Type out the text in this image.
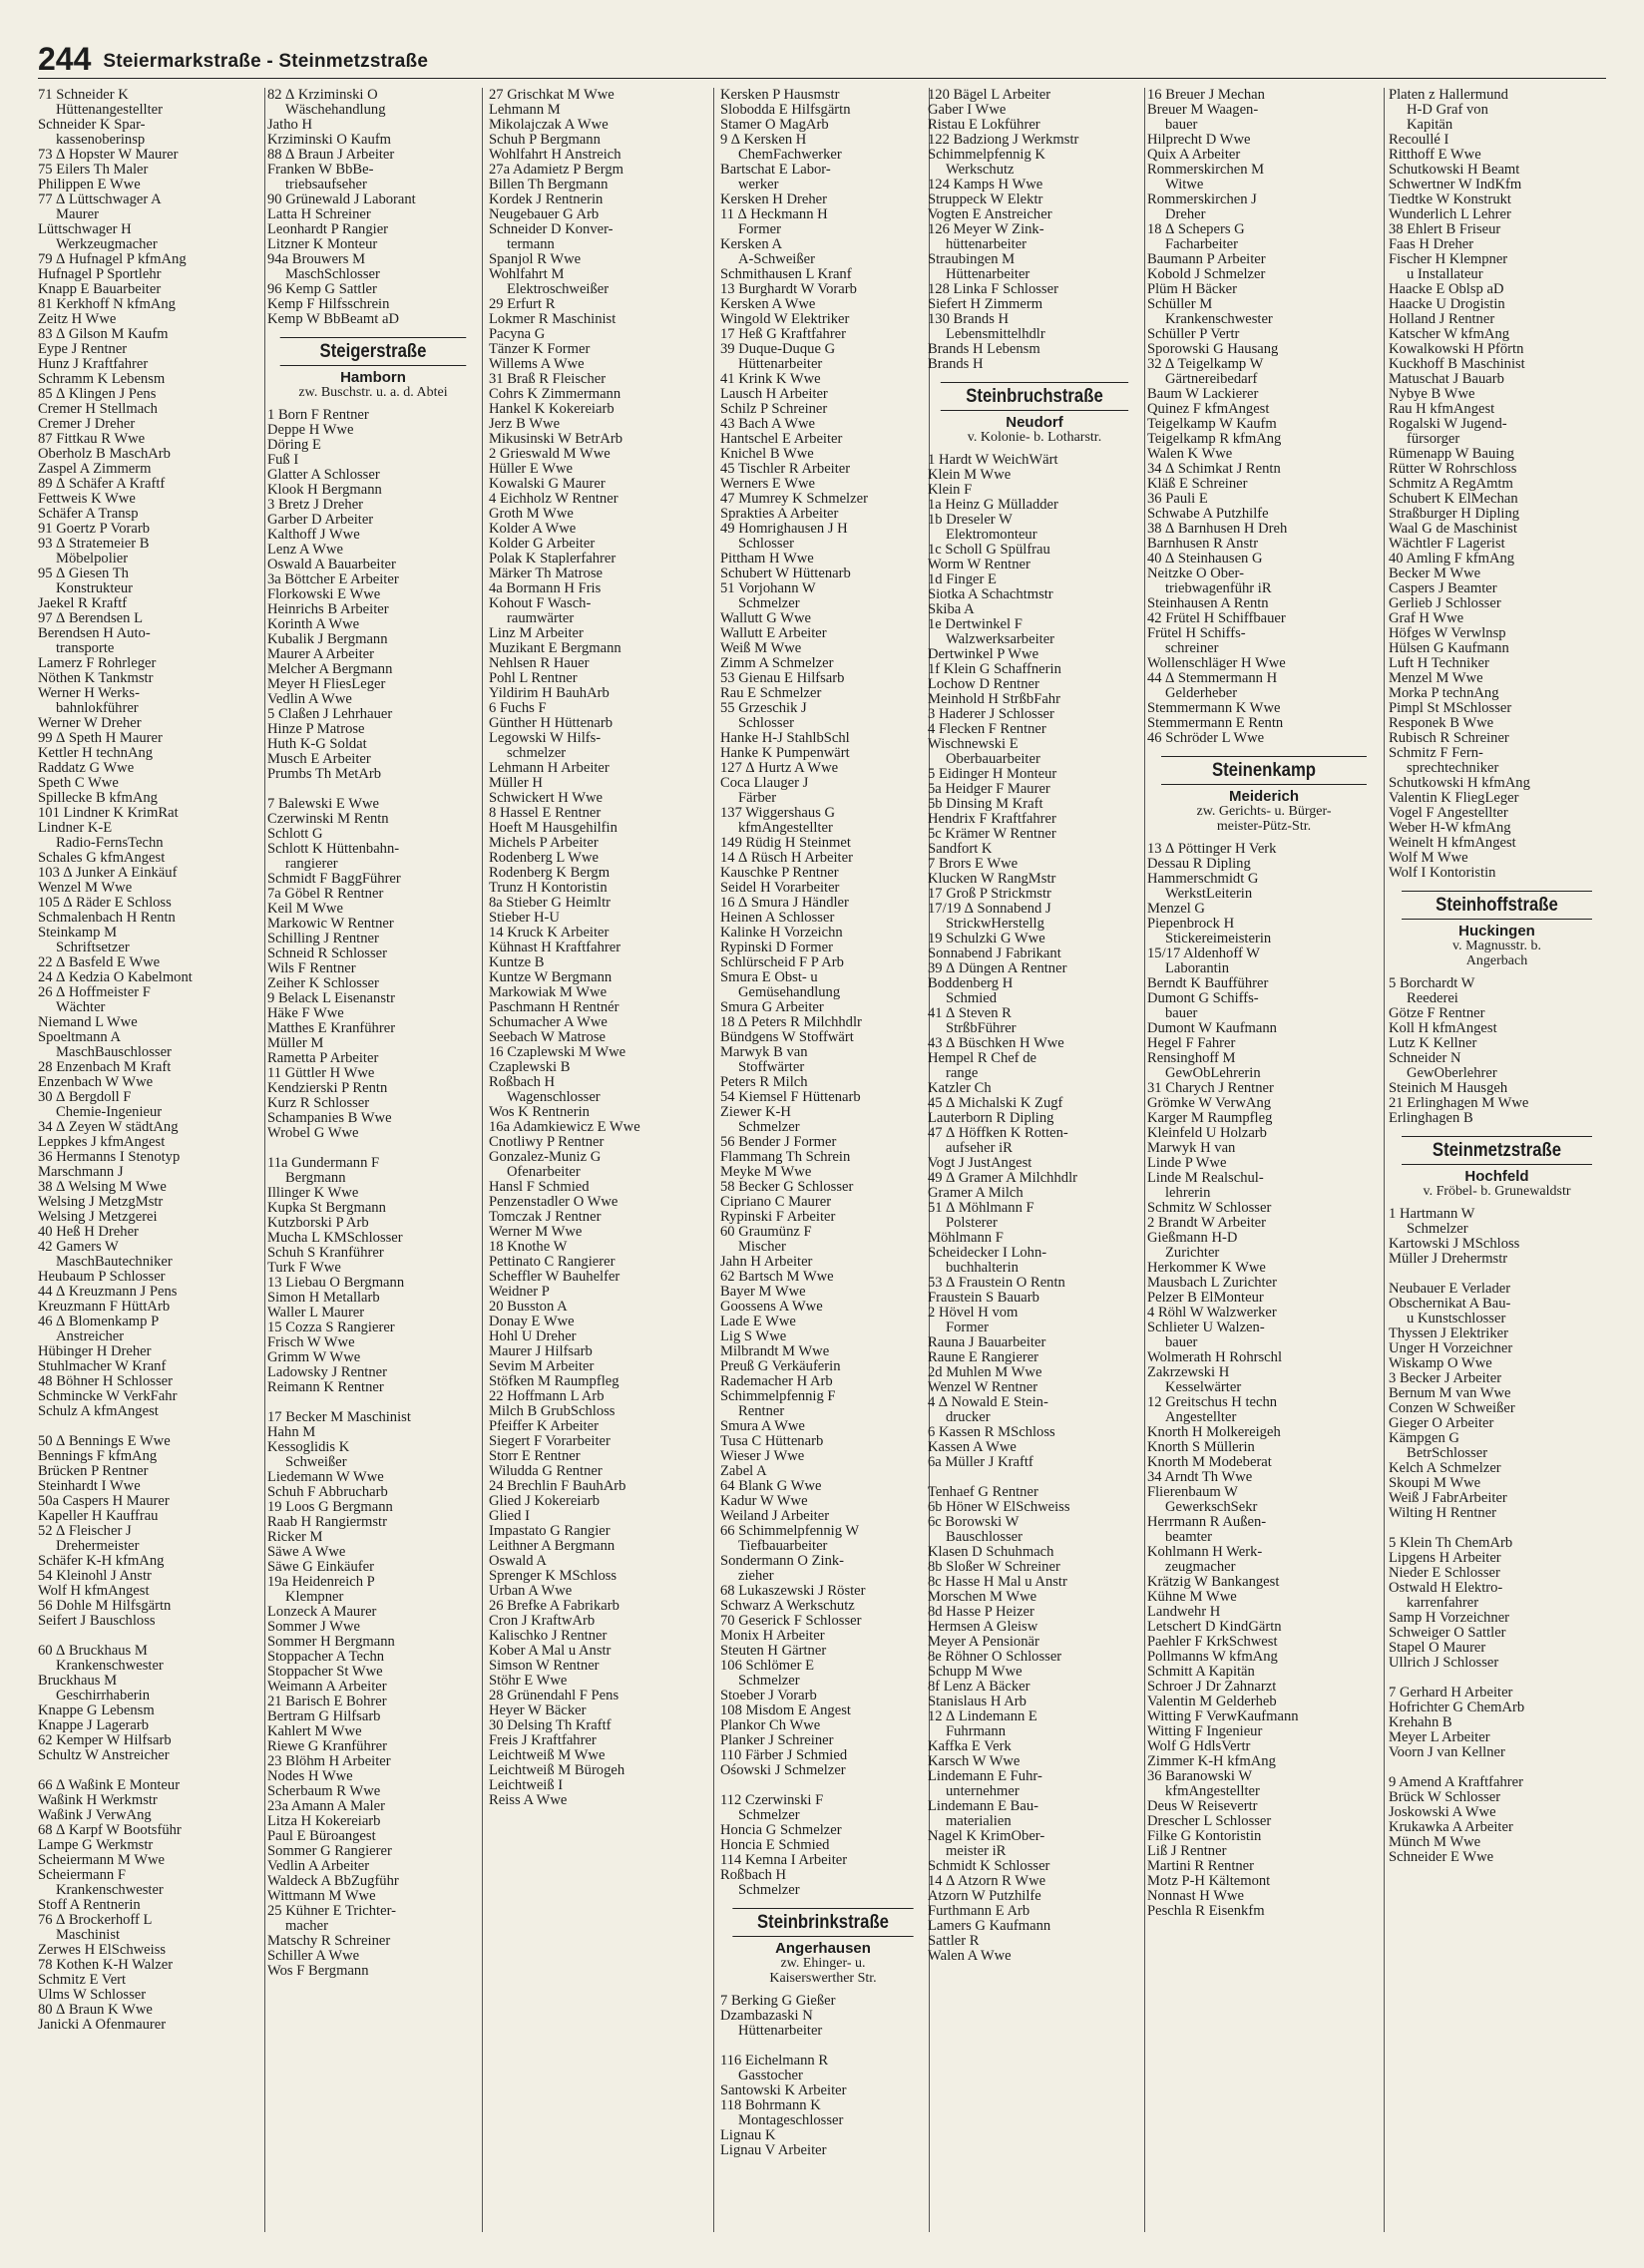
244 Steiermarkstraße - Steinmetzstraße
71 Schneider K
Hüttenangestellter
Schneider K Spar-
kassenoberinsp
73 ∆ Hopster W Maurer
75 Eilers Th Maler
Philippen E Wwe
77 ∆ Lüttschwager A
Maurer
Lüttschwager H
Werkzeugmacher
79 ∆ Hufnagel P kfmAng
Hufnagel P Sportlehr
Knapp E Bauarbeiter
81 Kerkhoff N kfmAng
Zeitz H Wwe
83 ∆ Gilson M Kaufm
Eype J Rentner
Hunz J Kraftfahrer
Schramm K Lebensm
85 ∆ Klingen J Pens
Cremer H Stellmach
Cremer J Dreher
87 Fittkau R Wwe
Oberholz B MaschArb
Zaspel A Zimmerm
89 ∆ Schäfer A Kraftf
Fettweis K Wwe
Schäfer A Transp
91 Goertz P Vorarb
93 ∆ Stratemeier B
Möbelpolier
95 ∆ Giesen Th
Konstrukteur
Jaekel R Kraftf
97 ∆ Berendsen L
Berendsen H Auto-
transporte
Lamerz F Rohrleger
Nöthen K Tankmstr
Werner H Werks-
bahnlokführer
Werner W Dreher
99 ∆ Speth H Maurer
Kettler H technAng
Raddatz G Wwe
Speth C Wwe
Spillecke B kfmAng
101 Lindner K KrimRat
Lindner K-E
Radio-FernsTechn
Schales G kfmAngest
103 ∆ Junker A Einkäuf
Wenzel M Wwe
105 ∆ Räder E Schloss
Schmalenbach H Rentn
Steinkamp M
Schriftsetzer
22 ∆ Basfeld E Wwe
24 ∆ Kedzia O Kabelmont
26 ∆ Hoffmeister F
Wächter
Niemand L Wwe
Spoeltmann A
MaschBauschlosser
28 Enzenbach M Kraft
Enzenbach W Wwe
30 ∆ Bergdoll F
Chemie-Ingenieur
34 ∆ Zeyen W städtAng
Leppkes J kfmAngest
36 Hermanns I Stenotyp
Marschmann J
38 ∆ Welsing M Wwe
Welsing J MetzgMstr
Welsing J Metzgerei
40 Heß H Dreher
42 Gamers W
MaschBautechniker
Heubaum P Schlosser
44 ∆ Kreuzmann J Pens
Kreuzmann F HüttArb
46 ∆ Blomenkamp P
Anstreicher
Hübinger H Dreher
Stuhlmacher W Kranf
48 Böhner H Schlosser
Schmincke W VerkFahr
Schulz A kfmAngest
50 ∆ Bennings E Wwe
Bennings F kfmAng
Brücken P Rentner
Steinhardt I Wwe
50a Caspers H Maurer
Kapeller H Kauffrau
52 ∆ Fleischer J
Drehermeister
Schäfer K-H kfmAng
54 Kleinohl J Anstr
Wolf H kfmAngest
56 Dohle M Hilfsgärtn
Seifert J Bauschloss
60 ∆ Bruckhaus M
Krankenschwester
Bruckhaus M
Geschirrhaberin
Knappe G Lebensm
Knappe J Lagerarb
62 Kemper W Hilfsarb
Schultz W Anstreicher
66 ∆ Waßink E Monteur
Waßink H Werkmstr
Waßink J VerwAng
68 ∆ Karpf W Bootsführ
Lampe G Werkmstr
Scheiermann M Wwe
Scheiermann F
Krankenschwester
Stoff A Rentnerin
76 ∆ Brockerhoff L
Maschinist
Zerwes H ElSchweiss
78 Kothen K-H Walzer
Schmitz E Vert
Ulms W Schlosser
80 ∆ Braun K Wwe
Janicki A Ofenmaurer
82 ∆ Krziminski O
Wäschehandlung
Jatho H
Krziminski O Kaufm
88 ∆ Braun J Arbeiter
Franken W BbBe-
triebsaufseher
90 Grünewald J Laborant
Latta H Schreiner
Leonhardt P Rangier
Litzner K Monteur
94a Brouwers M
MaschSchlosser
96 Kemp G Sattler
Kemp F Hilfsschrein
Kemp W BbBeamt aD
Steigerstraße
Hamborn
zw. Buschstr. u. a. d. Abtei
1 Born F Rentner
Deppe H Wwe
Döring E
Fuß I
Glatter A Schlosser
Klook H Bergmann
3 Bretz J Dreher
Garber D Arbeiter
Kalthoff J Wwe
Lenz A Wwe
Oswald A Bauarbeiter
3a Böttcher E Arbeiter
Florkowski E Wwe
Heinrichs B Arbeiter
Korinth A Wwe
Kubalik J Bergmann
Maurer A Arbeiter
Melcher A Bergmann
Meyer H FliesLeger
Vedlin A Wwe
5 Claßen J Lehrhauer
Hinze P Matrose
Huth K-G Soldat
Musch E Arbeiter
Prumbs Th MetArb
7 Balewski E Wwe
Czerwinski M Rentn
Schlott G
Schlott K Hüttenbahn-
rangierer
Schmidt F BaggFührer
7a Göbel R Rentner
Keil M Wwe
Markowic W Rentner
Schilling J Rentner
Schneid R Schlosser
Wils F Rentner
Zeiher K Schlosser
9 Belack L Eisenanstr
Häke F Wwe
Matthes E Kranführer
Müller M
Rametta P Arbeiter
11 Güttler H Wwe
Kendzierski P Rentn
Kurz R Schlosser
Schampanies B Wwe
Wrobel G Wwe
11a Gundermann F
Bergmann
Illinger K Wwe
Kupka St Bergmann
Kutzborski P Arb
Mucha L KMSchlosser
Schuh S Kranführer
Turk F Wwe
13 Liebau O Bergmann
Simon H Metallarb
Waller L Maurer
15 Cozza S Rangierer
Frisch W Wwe
Grimm W Wwe
Ladowsky J Rentner
Reimann K Rentner
17 Becker M Maschinist
Hahn M
Kessoglidis K
Schweißer
Liedemann W Wwe
Schuh F Abbrucharb
19 Loos G Bergmann
Raab H Rangiermstr
Ricker M
Säwe A Wwe
Säwe G Einkäufer
19a Heidenreich P
Klempner
Lonzeck A Maurer
Sommer J Wwe
Sommer H Bergmann
Stoppacher A Techn
Stoppacher St Wwe
Weimann A Arbeiter
21 Barisch E Bohrer
Bertram G Hilfsarb
Kahlert M Wwe
Riewe G Kranführer
23 Blöhm H Arbeiter
Nodes H Wwe
Scherbaum R Wwe
23a Amann A Maler
Litza H Kokereiarb
Paul E Büroangest
Sommer G Rangierer
Vedlin A Arbeiter
Waldeck A BbZugführ
Wittmann M Wwe
25 Kühner E Trichter-
macher
Matschy R Schreiner
Schiller A Wwe
Wos F Bergmann
27 Grischkat M Wwe
Lehmann M
Mikolajczak A Wwe
Schuh P Bergmann
Wohlfahrt H Anstreich
27a Adamietz P Bergm
Billen Th Bergmann
Kordek J Rentnerin
Neugebauer G Arb
Schneider D Konver-
termann
Spanjol R Wwe
Wohlfahrt M
Elektroschweißer
29 Erfurt R
Lokmer R Maschinist
Pacyna G
Tänzer K Former
Willems A Wwe
31 Braß R Fleischer
Cohrs K Zimmermann
Hankel K Kokereiarb
Jerz B Wwe
Mikusinski W BetrArb
2 Grieswald M Wwe
Hüller E Wwe
Kowalski G Maurer
4 Eichholz W Rentner
Groth M Wwe
Kolder A Wwe
Kolder G Arbeiter
Polak K Staplerfahrer
Märker Th Matrose
4a Bormann H Fris
Kohout F Wasch-
raumwärter
Linz M Arbeiter
Muzikant E Bergmann
Nehlsen R Hauer
Pohl L Rentner
Yildirim H BauhArb
6 Fuchs F
Günther H Hüttenarb
Legowski W Hilfs-
schmelzer
Lehmann H Arbeiter
Müller H
Schwickert H Wwe
8 Hassel E Rentner
Hoeft M Hausgehilfin
Michels P Arbeiter
Rodenberg L Wwe
Rodenberg K Bergm
Trunz H Kontoristin
8a Stieber G Heimltr
Stieber H-U
14 Kruck K Arbeiter
Kühnast H Kraftfahrer
Kuntze B
Kuntze W Bergmann
Markowiak M Wwe
Paschmann H Rentnér
Schumacher A Wwe
Seebach W Matrose
16 Czaplewski M Wwe
Czaplewski B
Roßbach H
Wagenschlosser
Wos K Rentnerin
16a Adamkiewicz E Wwe
Cnotliwy P Rentner
Gonzalez-Muniz G
Ofenarbeiter
Hansl F Schmied
Penzenstadler O Wwe
Tomczak J Rentner
Werner M Wwe
18 Knothe W
Pettinato C Rangierer
Scheffler W Bauhelfer
Weidner P
20 Busston A
Donay E Wwe
Hohl U Dreher
Maurer J Hilfsarb
Sevim M Arbeiter
Stöfken M Raumpfleg
22 Hoffmann L Arb
Milch B GrubSchloss
Pfeiffer K Arbeiter
Siegert F Vorarbeiter
Storr E Rentner
Wiludda G Rentner
24 Brechlin F BauhArb
Glied J Kokereiarb
Glied I
Impastato G Rangier
Leithner A Bergmann
Oswald A
Sprenger K MSchloss
Urban A Wwe
26 Brefke A Fabrikarb
Cron J KraftwArb
Kalischko J Rentner
Kober A Mal u Anstr
Simson W Rentner
Stöhr E Wwe
28 Grünendahl F Pens
Heyer W Bäcker
30 Delsing Th Kraftf
Freis J Kraftfahrer
Leichtweiß M Wwe
Leichtweiß M Bürogeh
Leichtweiß I
Reiss A Wwe
Kersken P Hausmstr
Slobodda E Hilfsgärtn
Stamer O MagArb
9 ∆ Kersken H
ChemFachwerker
Bartschat E Labor-
werker
Kersken H Dreher
11 ∆ Heckmann H
Former
Kersken A
A-Schweißer
Schmithausen L Kranf
13 Burghardt W Vorarb
Kersken A Wwe
Wingold W Elektriker
17 Heß G Kraftfahrer
39 Duque-Duque G
Hüttenarbeiter
41 Krink K Wwe
Lausch H Arbeiter
Schilz P Schreiner
43 Bach A Wwe
Hantschel E Arbeiter
Knichel B Wwe
45 Tischler R Arbeiter
Werners E Wwe
47 Mumrey K Schmelzer
Sprakties A Arbeiter
49 Homrighausen J H
Schlosser
Pittham H Wwe
Schubert W Hüttenarb
51 Vorjohann W
Schmelzer
Wallutt G Wwe
Wallutt E Arbeiter
Weiß M Wwe
Zimm A Schmelzer
53 Gienau E Hilfsarb
Rau E Schmelzer
55 Grzeschik J
Schlosser
Hanke H-J StahlbSchl
Hanke K Pumpenwärt
127 ∆ Hurtz A Wwe
Coca Llauger J
Färber
137 Wiggershaus G
kfmAngestellter
149 Rüdig H Steinmet
14 ∆ Rüsch H Arbeiter
Kauschke P Rentner
Seidel H Vorarbeiter
16 ∆ Smura J Händler
Heinen A Schlosser
Kalinke H Vorzeichn
Rypinski D Former
Schlürscheid F P Arb
Smura E Obst- u
Gemüsehandlung
Smura G Arbeiter
18 ∆ Peters R Milchhdlr
Bündgens W Stoffwärt
Marwyk B van
Stoffwärter
Peters R Milch
54 Kiemsel F Hüttenarb
Ziewer K-H
Schmelzer
56 Bender J Former
Flammang Th Schrein
Meyke M Wwe
58 Becker G Schlosser
Cipriano C Maurer
Rypinski F Arbeiter
60 Graumünz F
Mischer
Jahn H Arbeiter
62 Bartsch M Wwe
Bayer M Wwe
Goossens A Wwe
Lade E Wwe
Lig S Wwe
Milbrandt M Wwe
Preuß G Verkäuferin
Rademacher H Arb
Schimmelpfennig F
Rentner
Smura A Wwe
Tusa C Hüttenarb
Wieser J Wwe
Zabel A
64 Blank G Wwe
Kadur W Wwe
Weiland J Arbeiter
66 Schimmelpfennig W
Tiefbauarbeiter
Sondermann O Zink-
zieher
68 Lukaszewski J Röster
Schwarz A Werkschutz
70 Geserick F Schlosser
Monix H Arbeiter
Steuten H Gärtner
106 Schlömer E
Schmelzer
Stoeber J Vorarb
108 Misdom E Angest
Plankor Ch Wwe
Planker J Schreiner
110 Färber J Schmied
Ośowski J Schmelzer
112 Czerwinski F
Schmelzer
Honcia G Schmelzer
Honcia E Schmied
114 Kemna I Arbeiter
Roßbach H
Schmelzer
Steinbrinkstraße
Angerhausen
zw. Ehinger- u.
Kaiserswerther Str.
7 Berking G Gießer
Dzambazaski N
Hüttenarbeiter
116 Eichelmann R
Gasstocher
Santowski K Arbeiter
118 Bohrmann K
Montageschlosser
Lignau K
Lignau V Arbeiter
120 Bägel L Arbeiter
Gaber I Wwe
Ristau E Lokführer
122 Badziong J Werkmstr
Schimmelpfennig K
Werkschutz
124 Kamps H Wwe
Struppeck W Elektr
Vogten E Anstreicher
126 Meyer W Zink-
hüttenarbeiter
Straubingen M
Hüttenarbeiter
128 Linka F Schlosser
Siefert H Zimmerm
130 Brands H
Lebensmittelhdlr
Brands H Lebensm
Brands H
Steinbruchstraße
Neudorf
v. Kolonie- b. Lotharstr.
1 Hardt W WeichWärt
Klein M Wwe
Klein F
1a Heinz G Mülladder
1b Dreseler W
Elektromonteur
1c Scholl G Spülfrau
Worm W Rentner
1d Finger E
Siotka A Schachtmstr
Skiba A
1e Dertwinkel F
Walzwerksarbeiter
Dertwinkel P Wwe
1f Klein G Schaffnerin
Lochow D Rentner
Meinhold H StrßbFahr
3 Haderer J Schlosser
4 Flecken F Rentner
Wischnewski E
Oberbauarbeiter
5 Eidinger H Monteur
5a Heidger F Maurer
5b Dinsing M Kraft
Hendrix F Kraftfahrer
5c Krämer W Rentner
Sandfort K
7 Brors E Wwe
Klucken W RangMstr
17 Groß P Strickmstr
17/19 ∆ Sonnabend J
StrickwHerstellg
19 Schulzki G Wwe
Sonnabend J Fabrikant
39 ∆ Düngen A Rentner
Boddenberg H
Schmied
41 ∆ Steven R
StrßbFührer
43 ∆ Büschken H Wwe
Hempel R Chef de
range
Katzler Ch
45 ∆ Michalski K Zugf
Lauterborn R Dipling
47 ∆ Höffken K Rotten-
aufseher iR
Vogt J JustAngest
49 ∆ Gramer A Milchhdlr
Gramer A Milch
51 ∆ Möhlmann F
Polsterer
Möhlmann F
Scheidecker I Lohn-
buchhalterin
53 ∆ Fraustein O Rentn
Fraustein S Bauarb
2 Hövel H vom
Former
Rauna J Bauarbeiter
Raune E Rangierer
2d Muhlen M Wwe
Wenzel W Rentner
4 ∆ Nowald E Stein-
drucker
6 Kassen R MSchloss
Kassen A Wwe
6a Müller J Kraftf
Tenhaef G Rentner
6b Höner W ElSchweiss
6c Borowski W
Bauschlosser
Klasen D Schuhmach
8b Sloßer W Schreiner
8c Hasse H Mal u Anstr
Morschen M Wwe
8d Hasse P Heizer
Hermsen A Gleisw
Meyer A Pensionär
8e Röhner O Schlosser
Schupp M Wwe
8f Lenz A Bäcker
Stanislaus H Arb
12 ∆ Lindemann E
Fuhrmann
Kaffka E Verk
Karsch W Wwe
Lindemann E Fuhr-
unternehmer
Lindemann E Bau-
materialien
Nagel K KrimOber-
meister iR
Schmidt K Schlosser
14 ∆ Atzorn R Wwe
Atzorn W Putzhilfe
Furthmann E Arb
Lamers G Kaufmann
Sattler R
Walen A Wwe
16 Breuer J Mechan
Breuer M Waagen-
bauer
Hilprecht D Wwe
Quix A Arbeiter
Rommerskirchen M
Witwe
Rommerskirchen J
Dreher
18 ∆ Schepers G
Facharbeiter
Baumann P Arbeiter
Kobold J Schmelzer
Plüm H Bäcker
Schüller M
Krankenschwester
Schüller P Vertr
Sporowski G Hausang
32 ∆ Teigelkamp W
Gärtnereibedarf
Baum W Lackierer
Quinez F kfmAngest
Teigelkamp W Kaufm
Teigelkamp R kfmAng
Walen K Wwe
34 ∆ Schimkat J Rentn
Kläß E Schreiner
36 Pauli E
Schwabe A Putzhilfe
38 ∆ Barnhusen H Dreh
Barnhusen R Anstr
40 ∆ Steinhausen G
Neitzke O Ober-
triebwagenführ iR
Steinhausen A Rentn
42 Frütel H Schiffbauer
Frütel H Schiffs-
schreiner
Wollenschläger H Wwe
44 ∆ Stemmermann H
Gelderheber
Stemmermann K Wwe
Stemmermann E Rentn
46 Schröder L Wwe
Steinenkamp
Meiderich
zw. Gerichts- u. Bürger-
meister-Pütz-Str.
13 ∆ Pöttinger H Verk
Dessau R Dipling
Hammerschmidt G
WerkstLeiterin
Menzel G
Piepenbrock H
Stickereimeisterin
15/17 Aldenhoff W
Laborantin
Berndt K Baufführer
Dumont G Schiffs-
bauer
Dumont W Kaufmann
Hegel F Fahrer
Rensinghoff M
GewObLehrerin
31 Charych J Rentner
Grömke W VerwAng
Karger M Raumpfleg
Kleinfeld U Holzarb
Marwyk H van
Linde P Wwe
Linde M Realschul-
lehrerin
Schmitz W Schlosser
2 Brandt W Arbeiter
Gießmann H-D
Zurichter
Herkommer K Wwe
Mausbach L Zurichter
Pelzer B ElMonteur
4 Röhl W Walzwerker
Schlieter U Walzen-
bauer
Wolmerath H Rohrschl
Zakrzewski H
Kesselwärter
12 Greitschus H techn
Angestellter
Knorth H Molkereigeh
Knorth S Müllerin
Knorth M Modeberat
34 Arndt Th Wwe
Flierenbaum W
GewerkschSekr
Herrmann R Außen-
beamter
Kohlmann H Werk-
zeugmacher
Krätzig W Bankangest
Kühne M Wwe
Landwehr H
Letschert D KindGärtn
Paehler F KrkSchwest
Pollmanns W kfmAng
Schmitt A Kapitän
Schroer J Dr Zahnarzt
Valentin M Gelderheb
Witting F VerwKaufmann
Witting F Ingenieur
Wolf G HdlsVertr
Zimmer K-H kfmAng
36 Baranowski W
kfmAngestellter
Deus W Reisevertr
Drescher L Schlosser
Filke G Kontoristin
Liß J Rentner
Martini R Rentner
Motz P-H Kältemont
Nonnast H Wwe
Peschla R Eisenkfm
Platen z Hallermund
H-D Graf von
Kapitän
Recoullé I
Ritthoff E Wwe
Schutkowski H Beamt
Schwertner W IndKfm
Tiedtke W Konstrukt
Wunderlich L Lehrer
38 Ehlert B Friseur
Faas H Dreher
Fischer H Klempner
u Installateur
Haacke E Oblsp aD
Haacke U Drogistin
Holland J Rentner
Katscher W kfmAng
Kowalkowski H Pförtn
Kuckhoff B Maschinist
Matuschat J Bauarb
Nybye B Wwe
Rau H kfmAngest
Rogalski W Jugend-
fürsorger
Rümenapp W Bauing
Rütter W Rohrschloss
Schmitz A RegAmtm
Schubert K ElMechan
Straßburger H Dipling
Waal G de Maschinist
Wächtler F Lagerist
40 Amling F kfmAng
Becker M Wwe
Caspers J Beamter
Gerlieb J Schlosser
Graf H Wwe
Höfges W Verwlnsp
Hülsen G Kaufmann
Luft H Techniker
Menzel M Wwe
Morka P technAng
Pimpl St MSchlosser
Responek B Wwe
Rubisch R Schreiner
Schmitz F Fern-
sprechtechniker
Schutkowski H kfmAng
Valentin K FliegLeger
Vogel F Angestellter
Weber H-W kfmAng
Weinelt H kfmAngest
Wolf M Wwe
Wolf I Kontoristin
Steinhoffstraße
Huckingen
v. Magnusstr. b.
Angerbach
5 Borchardt W
Reederei
Götze F Rentner
Koll H kfmAngest
Lutz K Kellner
Schneider N
GewOberlehrer
Steinich M Hausgeh
21 Erlinghagen M Wwe
Erlinghagen B
Steinmetzstraße
Hochfeld
v. Fröbel- b. Grunewaldstr
1 Hartmann W
Schmelzer
Kartowski J MSchloss
Müller J Drehermstr
Neubauer E Verlader
Obschernikat A Bau-
u Kunstschlosser
Thyssen J Elektriker
Unger H Vorzeichner
Wiskamp O Wwe
3 Becker J Arbeiter
Bernum M van Wwe
Conzen W Schweißer
Gieger O Arbeiter
Kämpgen G
BetrSchlosser
Kelch A Schmelzer
Skoupi M Wwe
Weiß J FabrArbeiter
Wilting H Rentner
5 Klein Th ChemArb
Lipgens H Arbeiter
Nieder E Schlosser
Ostwald H Elektro-
karrenfahrer
Samp H Vorzeichner
Schweiger O Sattler
Stapel O Maurer
Ullrich J Schlosser
7 Gerhard H Arbeiter
Hofrichter G ChemArb
Krehahn B
Meyer L Arbeiter
Voorn J van Kellner
9 Amend A Kraftfahrer
Brück W Schlosser
Joskowski A Wwe
Krukawka A Arbeiter
Münch M Wwe
Schneider E Wwe
